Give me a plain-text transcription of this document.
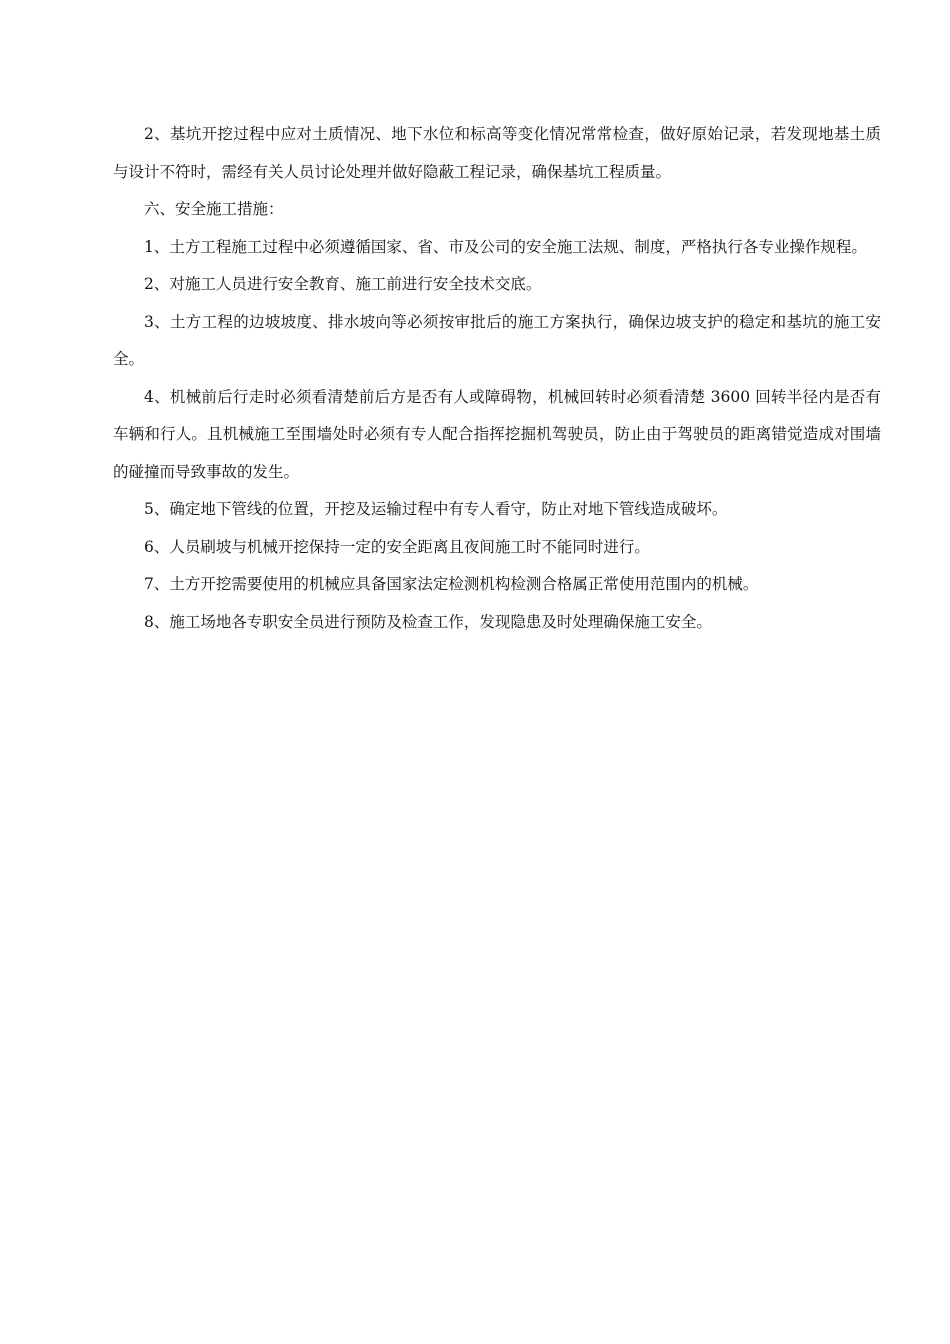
2、基坑开挖过程中应对土质情况、地下水位和标高等变化情况常常检查，做好原始记录，若发现地基土质与设计不符时，需经有关人员讨论处理并做好隐蔽工程记录，确保基坑工程质量。

六、安全施工措施：

1、土方工程施工过程中必须遵循国家、省、市及公司的安全施工法规、制度，严格执行各专业操作规程。

2、对施工人员进行安全教育、施工前进行安全技术交底。

3、土方工程的边坡坡度、排水坡向等必须按审批后的施工方案执行，确保边坡支护的稳定和基坑的施工安全。

4、机械前后行走时必须看清楚前后方是否有人或障碍物，机械回转时必须看清楚 3600 回转半径内是否有车辆和行人。且机械施工至围墙处时必须有专人配合指挥挖掘机驾驶员，防止由于驾驶员的距离错觉造成对围墙的碰撞而导致事故的发生。

5、确定地下管线的位置，开挖及运输过程中有专人看守，防止对地下管线造成破坏。

6、人员刷坡与机械开挖保持一定的安全距离且夜间施工时不能同时进行。

7、土方开挖需要使用的机械应具备国家法定检测机构检测合格属正常使用范围内的机械。

8、施工场地各专职安全员进行预防及检查工作，发现隐患及时处理确保施工安全。
